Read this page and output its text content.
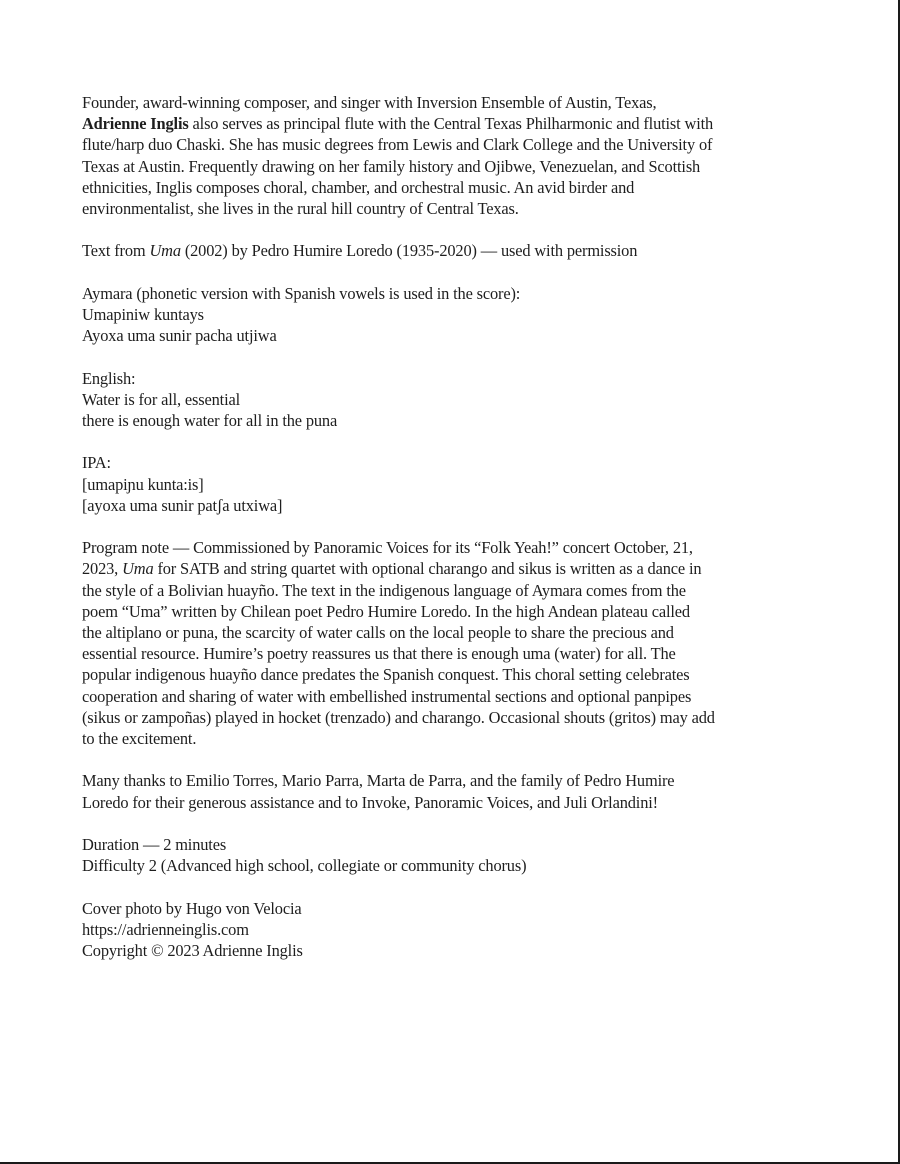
Founder, award-winning composer, and singer with Inversion Ensemble of Austin, Texas,
Adrienne Inglis also serves as principal flute with the Central Texas Philharmonic and flutist with
flute/harp duo Chaski. She has music degrees from Lewis and Clark College and the University of
Texas at Austin. Frequently drawing on her family history and Ojibwe, Venezuelan, and Scottish
ethnicities, Inglis composes choral, chamber, and orchestral music. An avid birder and
environmentalist, she lives in the rural hill country of Central Texas.
Text from Uma (2002) by Pedro Humire Loredo (1935-2020) — used with permission
Aymara (phonetic version with Spanish vowels is used in the score):
Umapiniw kuntays
Ayoxa uma sunir pacha utjiwa
English:
Water is for all, essential
there is enough water for all in the puna
IPA:
[umapiɲu kunta:is]
[ayoxa uma sunir patʃa utxiwa]
Program note — Commissioned by Panoramic Voices for its “Folk Yeah!” concert October, 21,
2023, Uma for SATB and string quartet with optional charango and sikus is written as a dance in
the style of a Bolivian huayño. The text in the indigenous language of Aymara comes from the
poem “Uma” written by Chilean poet Pedro Humire Loredo. In the high Andean plateau called
the altiplano or puna, the scarcity of water calls on the local people to share the precious and
essential resource. Humire’s poetry reassures us that there is enough uma (water) for all. The
popular indigenous huayño dance predates the Spanish conquest. This choral setting celebrates
cooperation and sharing of water with embellished instrumental sections and optional panpipes
(sikus or zampoñas) played in hocket (trenzado) and charango. Occasional shouts (gritos) may add
to the excitement.
Many thanks to Emilio Torres, Mario Parra, Marta de Parra, and the family of Pedro Humire
Loredo for their generous assistance and to Invoke, Panoramic Voices, and Juli Orlandini!
Duration — 2 minutes
Difficulty 2 (Advanced high school, collegiate or community chorus)
Cover photo by Hugo von Velocia
https://adrienneinglis.com
Copyright © 2023 Adrienne Inglis
